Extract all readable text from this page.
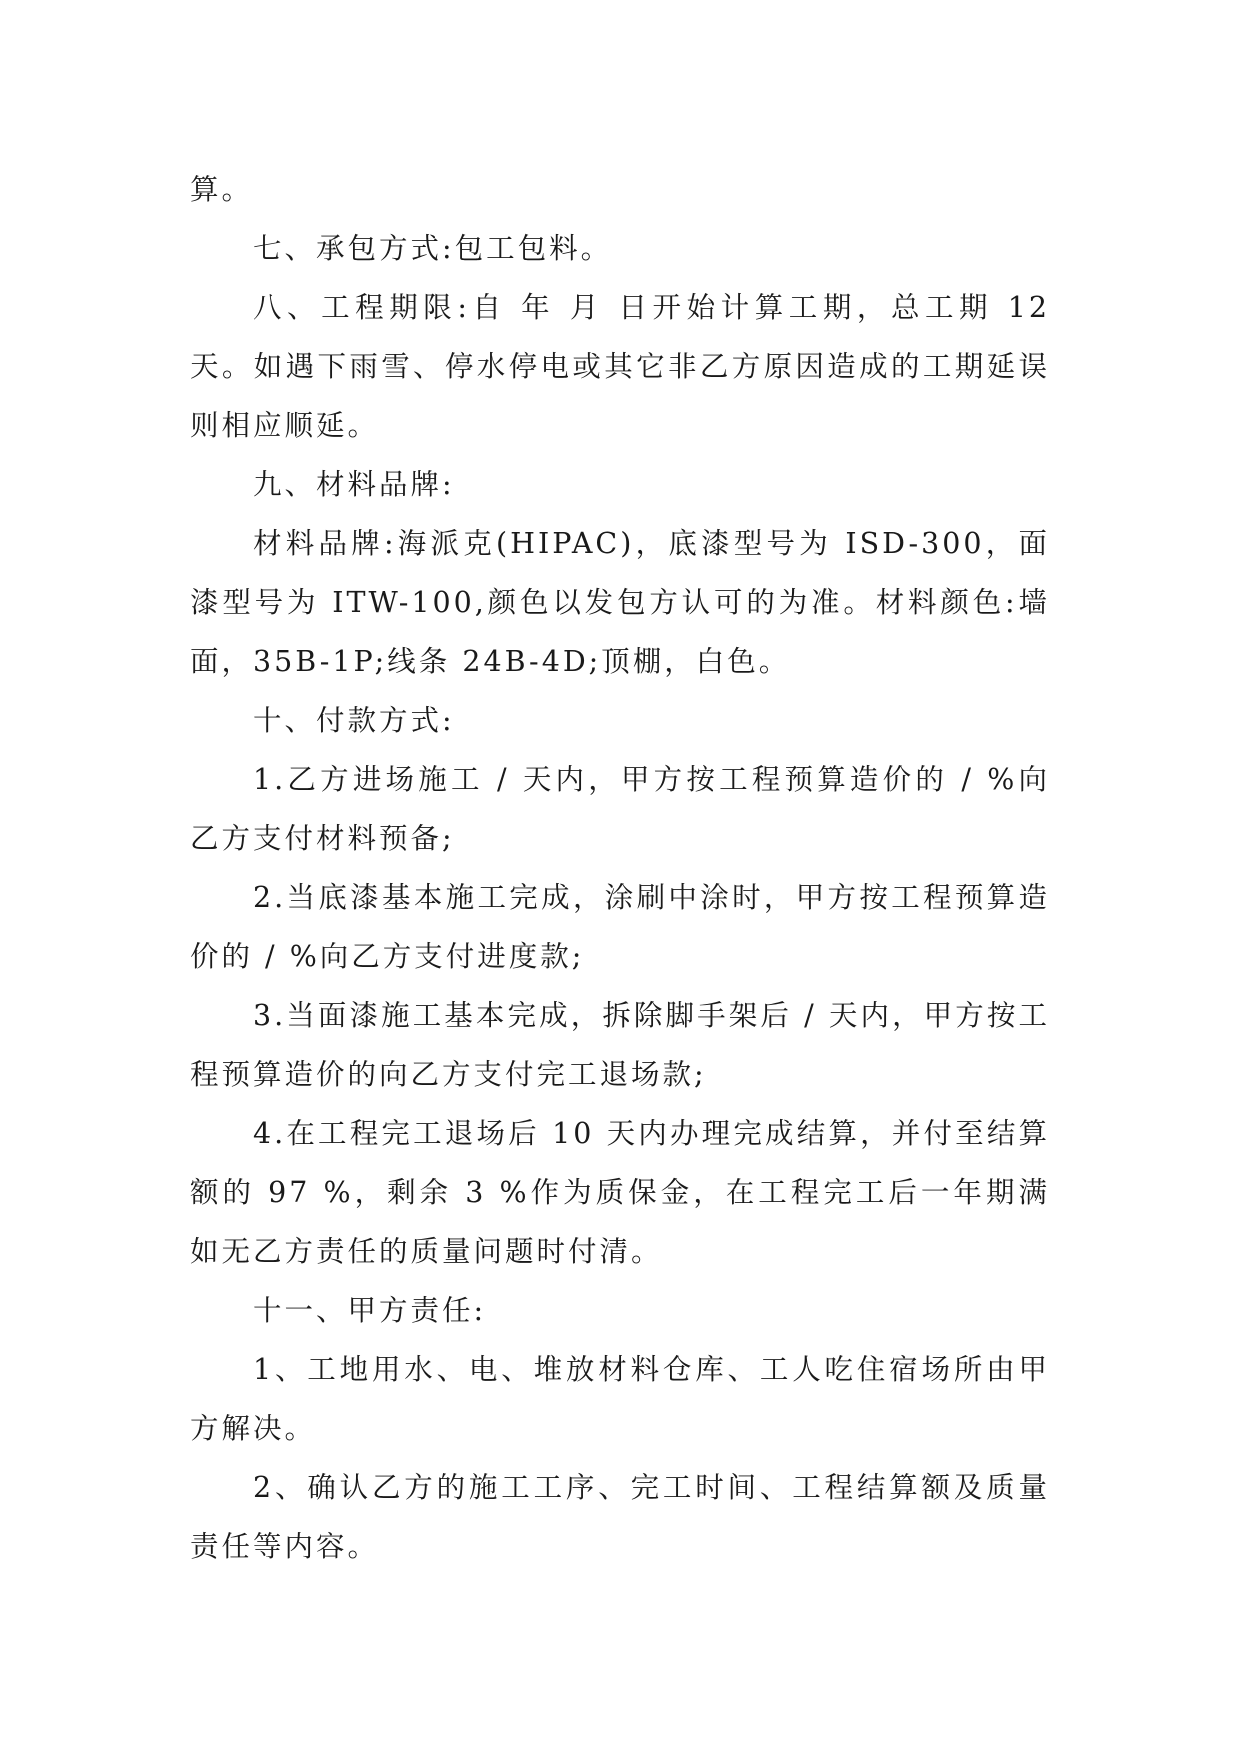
算。

七、承包方式:包工包料。

八、工程期限:自 年 月 日开始计算工期，总工期 12 天。如遇下雨雪、停水停电或其它非乙方原因造成的工期延误则相应顺延。

九、材料品牌:

材料品牌:海派克(HIPAC)，底漆型号为 ISD-300，面漆型号为 ITW-100,颜色以发包方认可的为准。材料颜色:墙面，35B-1P;线条 24B-4D;顶棚，白色。

十、付款方式:

1.乙方进场施工 / 天内，甲方按工程预算造价的 / %向乙方支付材料预备;

2.当底漆基本施工完成，涂刷中涂时，甲方按工程预算造价的 / %向乙方支付进度款;

3.当面漆施工基本完成，拆除脚手架后 / 天内，甲方按工程预算造价的向乙方支付完工退场款;

4.在工程完工退场后 10 天内办理完成结算，并付至结算额的 97 %，剩余 3 %作为质保金，在工程完工后一年期满如无乙方责任的质量问题时付清。

十一、甲方责任:

1、工地用水、电、堆放材料仓库、工人吃住宿场所由甲方解决。

2、确认乙方的施工工序、完工时间、工程结算额及质量责任等内容。
